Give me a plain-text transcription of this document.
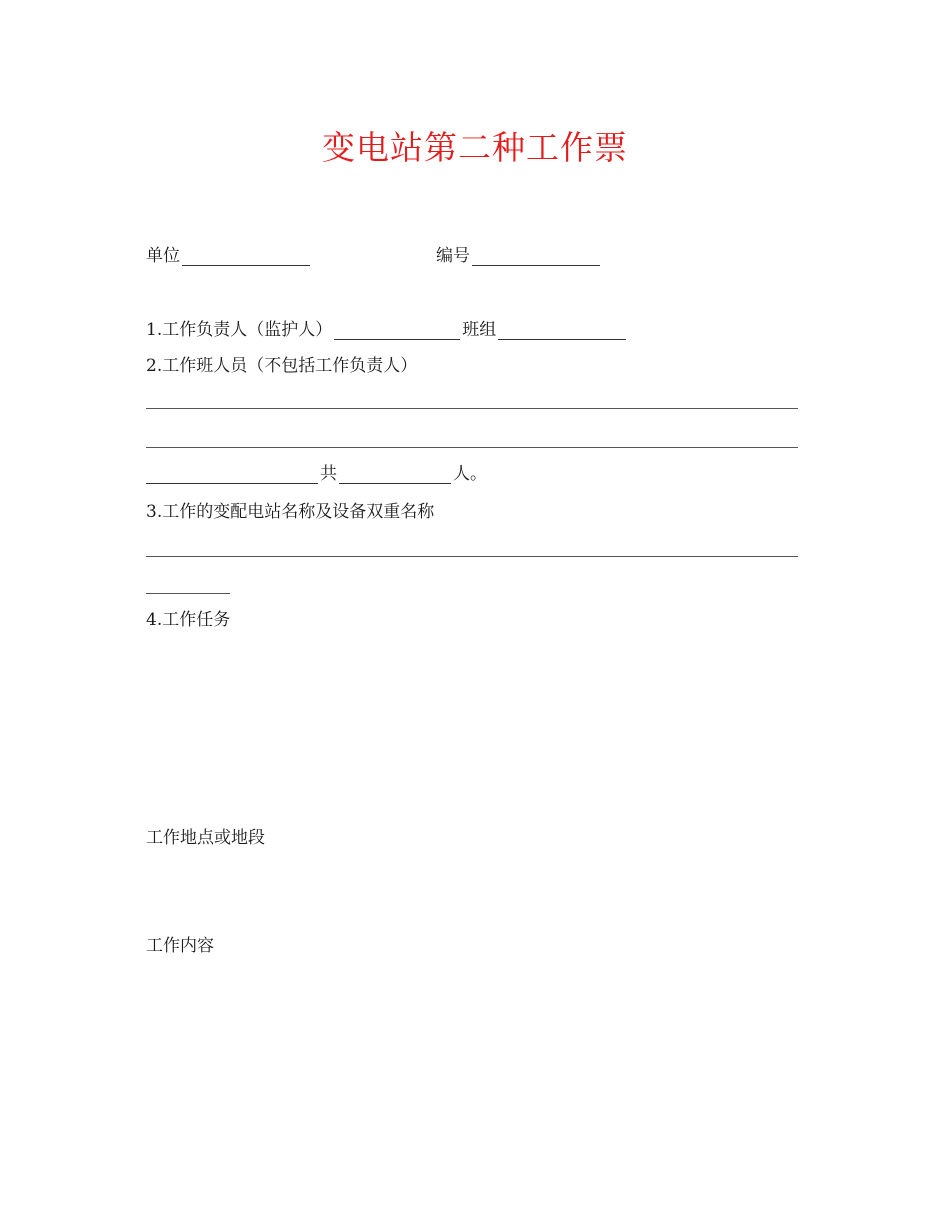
变电站第二种工作票
单位	编号
1.工作负责人（监护人）	班组
2.工作班人员（不包括工作负责人）
共	人。
3.工作的变配电站名称及设备双重名称
4.工作任务
工作地点或地段
工作内容
